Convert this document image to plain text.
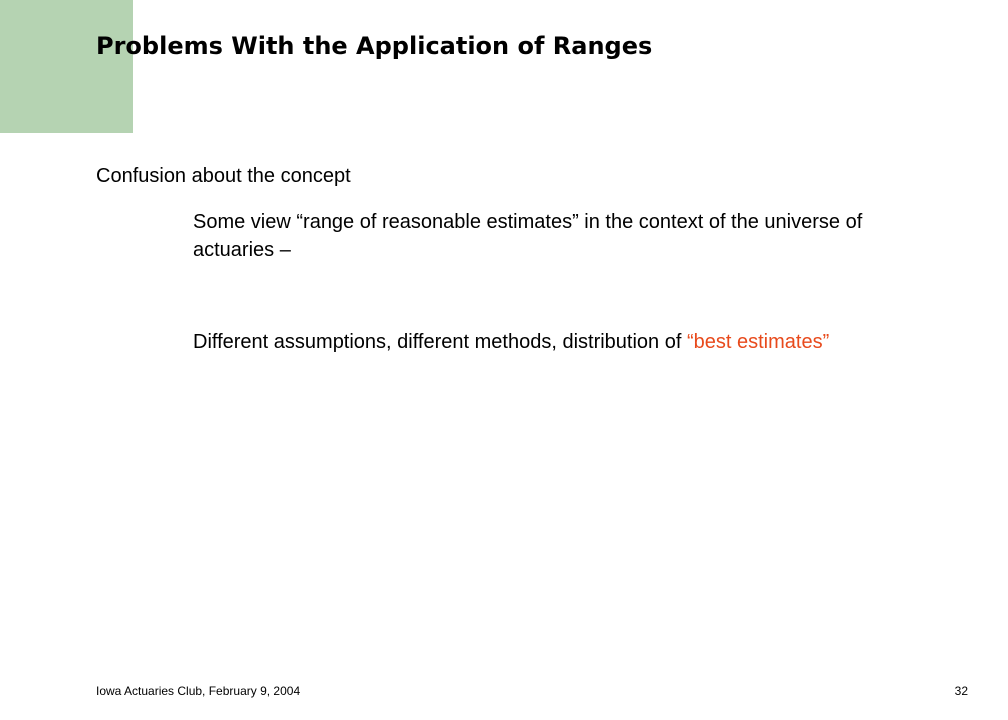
Problems With the Application of Ranges
Confusion about the concept
Some view “range of reasonable estimates” in the context of the universe of actuaries –
Different assumptions, different methods, distribution of “best estimates”
Iowa Actuaries Club, February 9, 2004	32
